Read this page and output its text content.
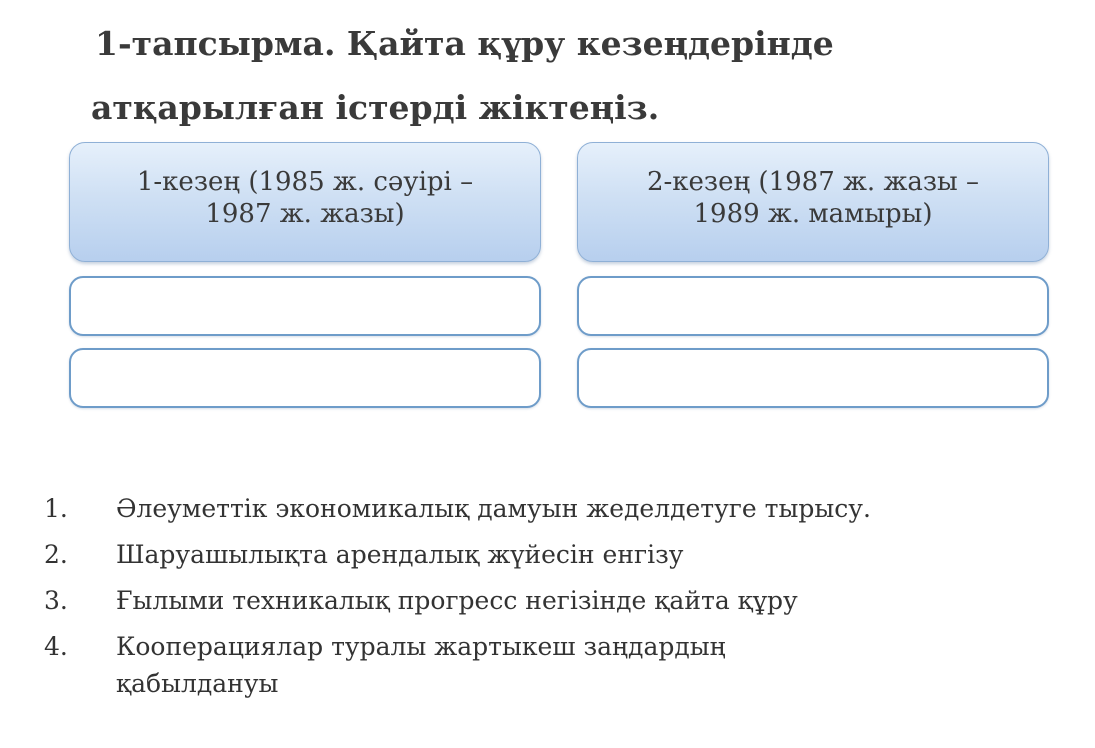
1-тапсырма. Қайта құру кезеңдерінде
атқарылған істерді жіктеңіз.
1-кезең (1985 ж. сәуірі –
1987 ж. жазы)
2-кезең (1987 ж. жазы –
1989 ж. мамыры)
1. Әлеуметтік экономикалық дамуын жеделдетуге тырысу.
2. Шаруашылықта арендалық жүйесін енгізу
3. Ғылыми техникалық прогресс негізінде қайта құру
4. Кооперациялар туралы жартыкеш заңдардың
қабылдануы
